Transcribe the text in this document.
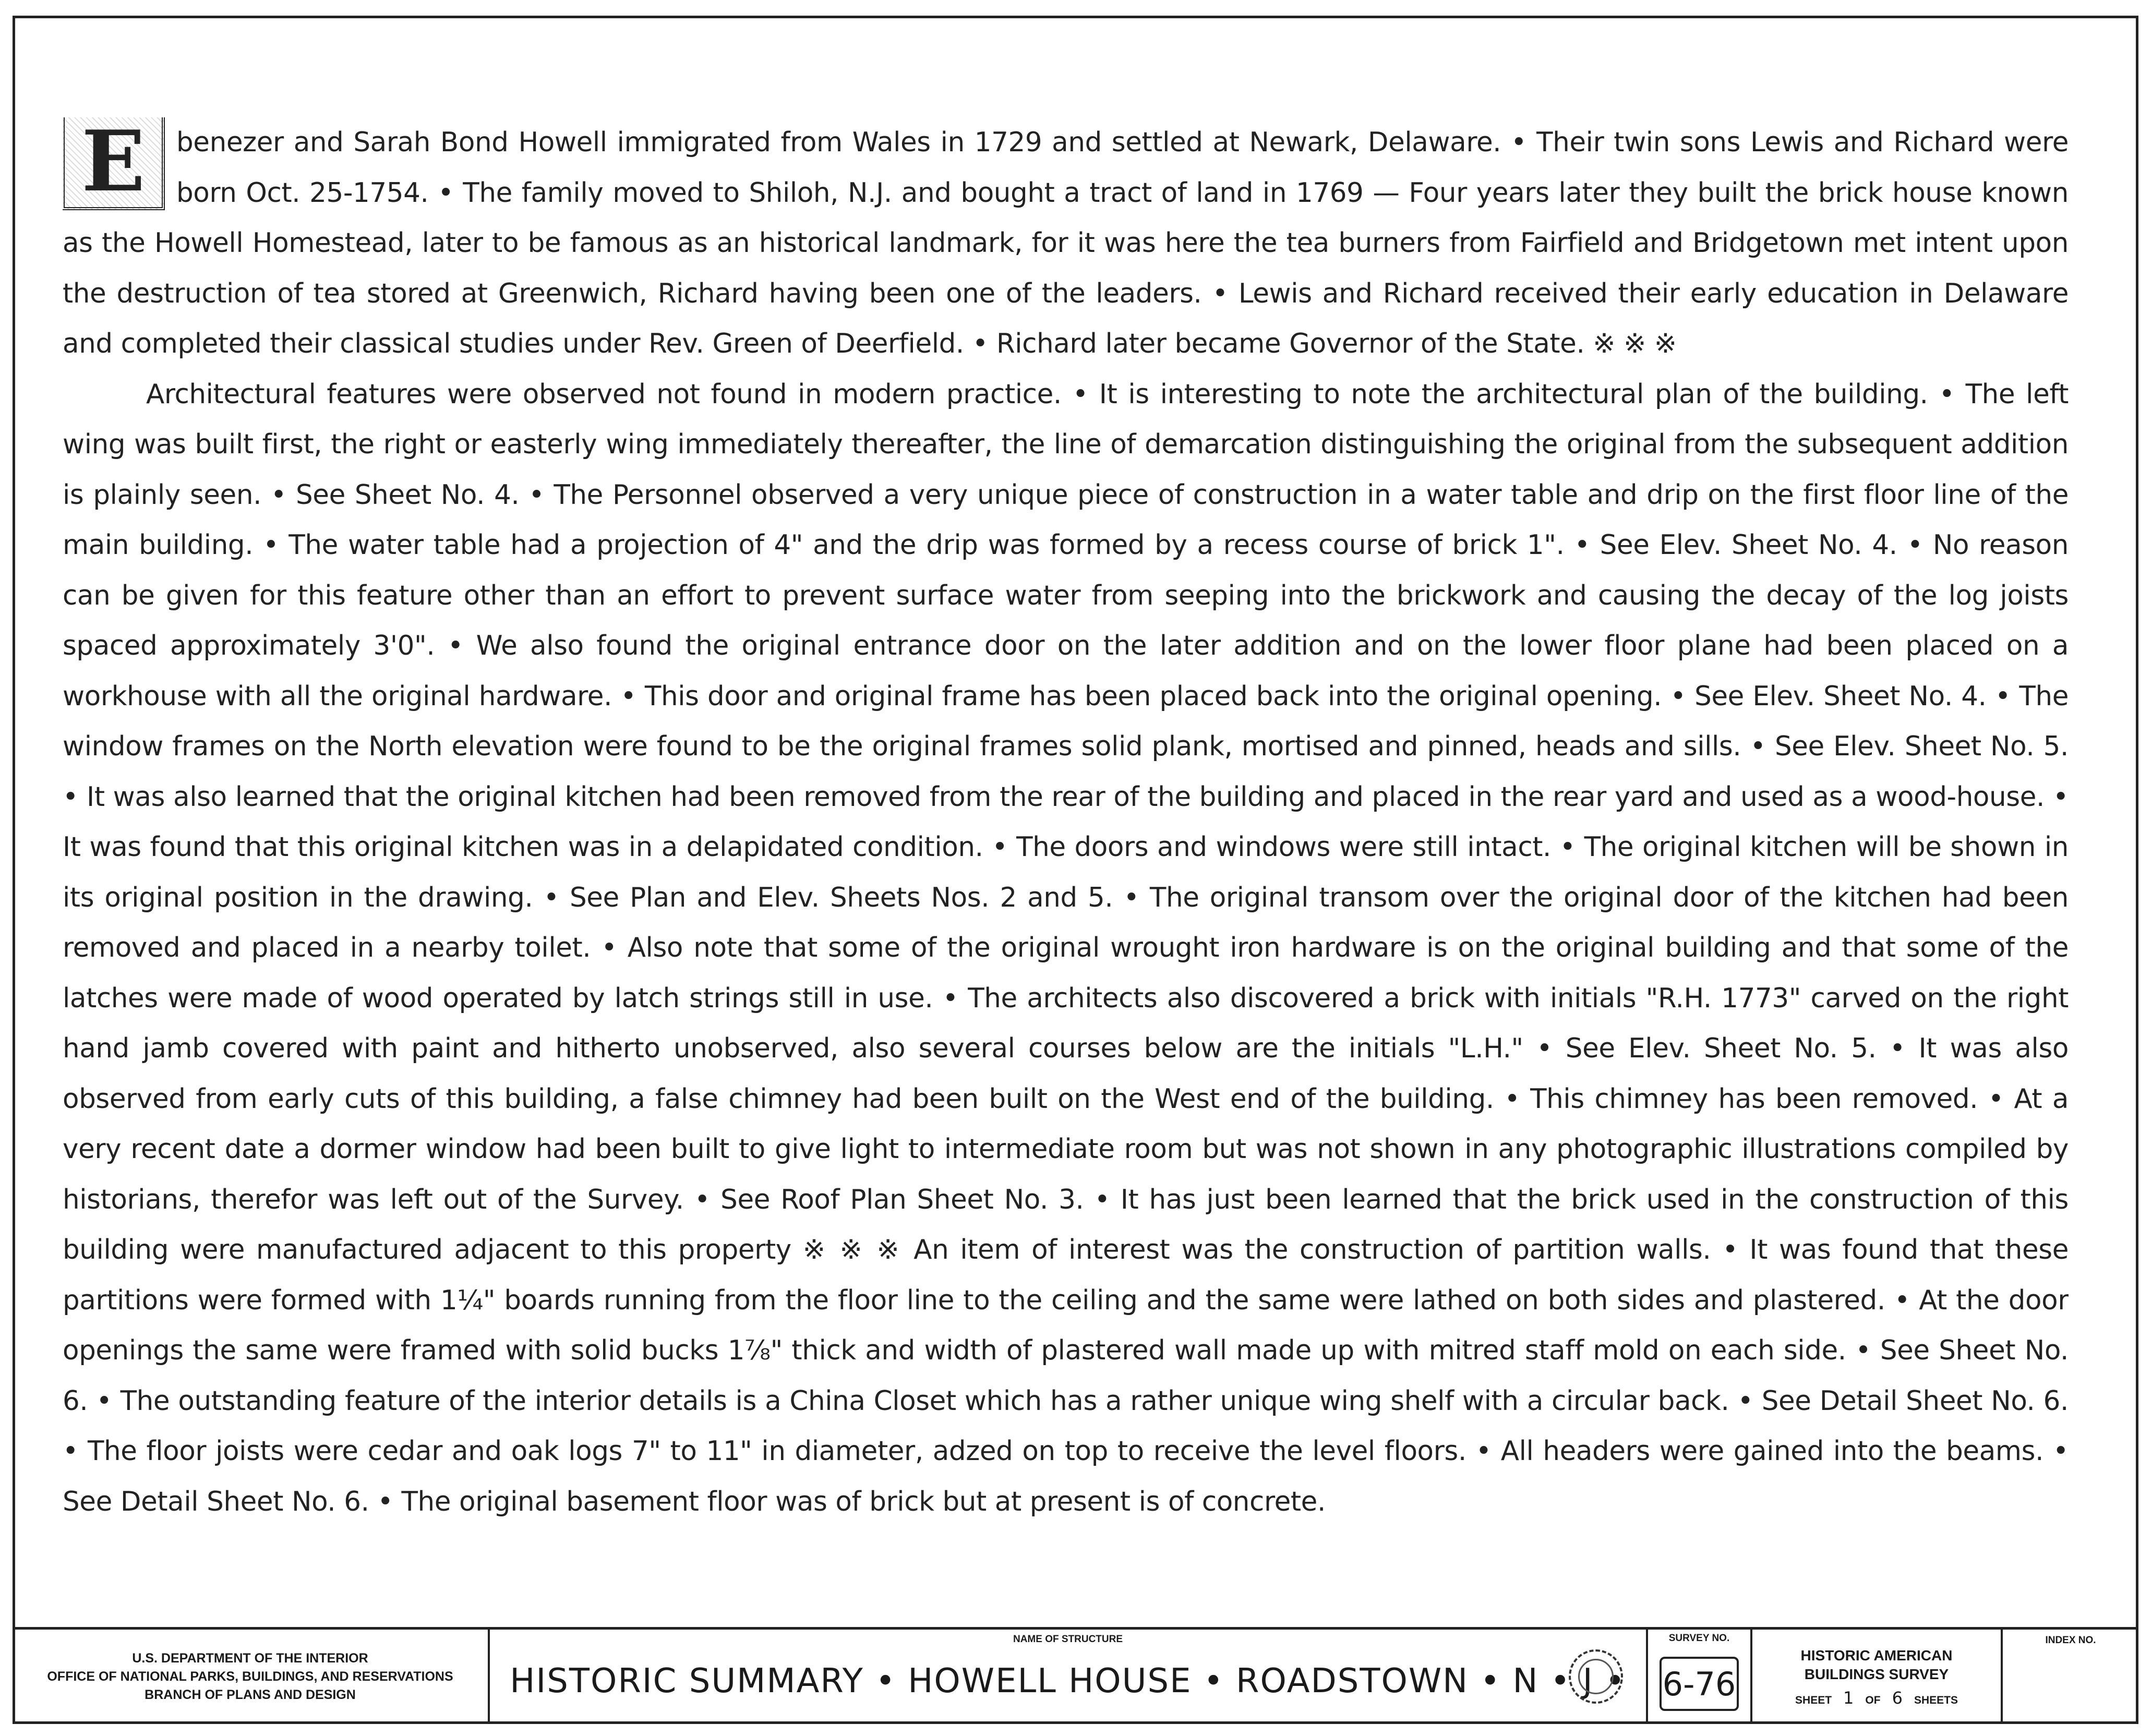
E	benezer and Sarah Bond Howell immigrated from Wales in 1729 and settled at Newark, Delaware. • Their twin sons Lewis and Richard were born Oct. 25-1754. • The family moved to Shiloh, N.J. and bought a tract of land in 1769 — Four years later they built the brick house known as the Howell Homestead, later to be famous as an historical landmark, for it was here the tea burners from Fairfield and Bridgetown met intent upon the destruction of tea stored at Greenwich, Richard having been one of the leaders. • Lewis and Richard received their early education in Delaware and completed their classical studies under Rev. Green of Deerfield. • Richard later became Governor of the State. ※ ※ ※

Architectural features were observed not found in modern practice. • It is interesting to note the architectural plan of the building. • The left wing was built first, the right or easterly wing immediately thereafter, the line of demarcation distinguishing the original from the subsequent addition is plainly seen. • See Sheet No. 4. • The Personnel observed a very unique piece of construction in a water table and drip on the first floor line of the main building. • The water table had a projection of 4" and the drip was formed by a recess course of brick 1". • See Elev. Sheet No. 4. • No reason can be given for this feature other than an effort to prevent surface water from seeping into the brickwork and causing the decay of the log joists spaced approximately 3'0". • We also found the original entrance door on the later addition and on the lower floor plane had been placed on a workhouse with all the original hardware. • This door and original frame has been placed back into the original opening. • See Elev. Sheet No. 4. • The window frames on the North elevation were found to be the original frames solid plank, mortised and pinned, heads and sills. • See Elev. Sheet No. 5. • It was also learned that the original kitchen had been removed from the rear of the building and placed in the rear yard and used as a wood-house. • It was found that this original kitchen was in a delapidated condition. • The doors and windows were still intact. • The original kitchen will be shown in its original position in the drawing. • See Plan and Elev. Sheets Nos. 2 and 5. • The original transom over the original door of the kitchen had been removed and placed in a nearby toilet. • Also note that some of the original wrought iron hardware is on the original building and that some of the latches were made of wood operated by latch strings still in use. • The architects also discovered a brick with initials "R.H. 1773" carved on the right hand jamb covered with paint and hitherto unobserved, also several courses below are the initials "L.H." • See Elev. Sheet No. 5. • It was also observed from early cuts of this building, a false chimney had been built on the West end of the building. • This chimney has been removed. • At a very recent date a dormer window had been built to give light to intermediate room but was not shown in any photographic illustrations compiled by historians, therefor was left out of the Survey. • See Roof Plan Sheet No. 3. • It has just been learned that the brick used in the construction of this building were manufactured adjacent to this property ※ ※ ※ An item of interest was the construction of partition walls. • It was found that these partitions were formed with 1¼" boards running from the floor line to the ceiling and the same were lathed on both sides and plastered. • At the door openings the same were framed with solid bucks 1⅞" thick and width of plastered wall made up with mitred staff mold on each side. • See Sheet No. 6. • The outstanding feature of the interior details is a China Closet which has a rather unique wing shelf with a circular back. • See Detail Sheet No. 6. • The floor joists were cedar and oak logs 7" to 11" in diameter, adzed on top to receive the level floors. • All headers were gained into the beams. • See Detail Sheet No. 6. • The original basement floor was of brick but at present is of concrete.

U.S. DEPARTMENT OF THE INTERIOR
OFFICE OF NATIONAL PARKS, BUILDINGS, AND RESERVATIONS
BRANCH OF PLANS AND DESIGN
NAME OF STRUCTURE
HISTORIC SUMMARY • HOWELL HOUSE • ROADSTOWN • N • J •
SURVEY NO.
6-76
HISTORIC AMERICAN
BUILDINGS SURVEY
SHEET 1 OF 6 SHEETS
INDEX NO.
